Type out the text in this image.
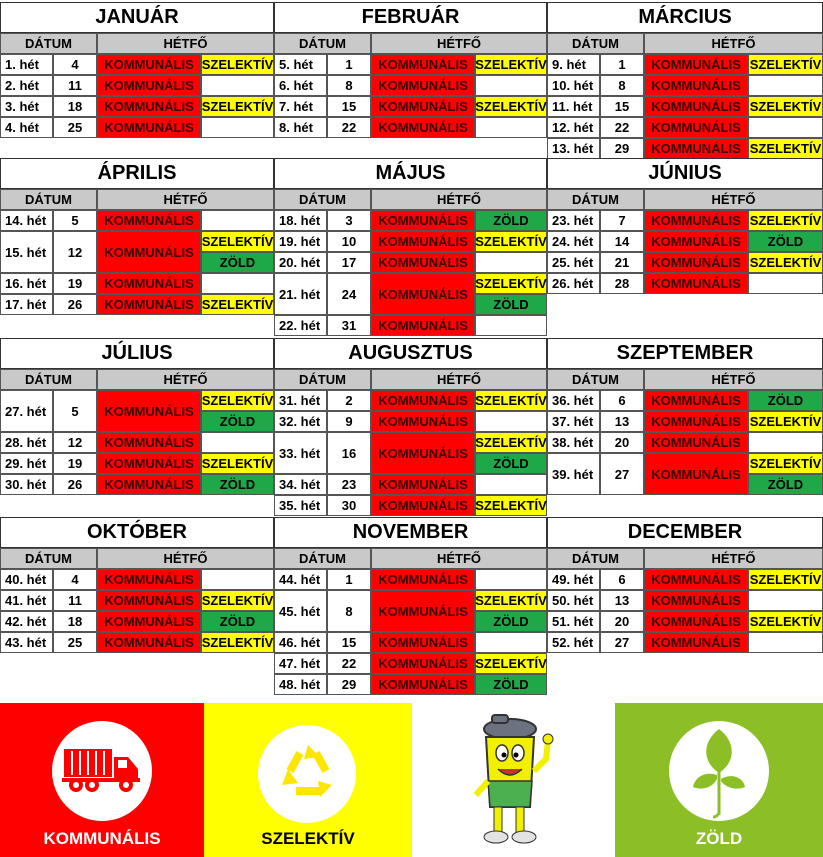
JANUÁR
DÁTUM	HÉTFŐ
1. hét	4	KOMMUNÁLIS SZELEKTÍV
2. hét	11	KOMMUNÁLIS
3. hét	18	KOMMUNÁLIS SZELEKTÍV
4. hét	25	KOMMUNÁLIS
FEBRUÁR
DÁTUM	HÉTFŐ
5. hét	1	KOMMUNÁLIS SZELEKTÍV
6. hét	8	KOMMUNÁLIS
7. hét	15	KOMMUNÁLIS SZELEKTÍV
8. hét	22	KOMMUNÁLIS
MÁRCIUS
DÁTUM	HÉTFŐ
9. hét	1	KOMMUNÁLIS SZELEKTÍV
10. hét	8	KOMMUNÁLIS
11. hét	15	KOMMUNÁLIS SZELEKTÍV
12. hét	22	KOMMUNÁLIS
13. hét	29	KOMMUNÁLIS SZELEKTÍV
ÁPRILIS
DÁTUM	HÉTFŐ
14. hét	5	KOMMUNÁLIS
15. hét	12	KOMMUNÁLIS
SZELEKTÍV
ZÖLD
16. hét	19	KOMMUNÁLIS
17. hét	26	KOMMUNÁLIS SZELEKTÍV
MÁJUS
DÁTUM	HÉTFŐ
18. hét	3	KOMMUNÁLIS	ZÖLD
19. hét	10	KOMMUNÁLIS SZELEKTÍV
20. hét	17	KOMMUNÁLIS
21. hét	24	KOMMUNÁLIS
SZELEKTÍV
ZÖLD
22. hét	31	KOMMUNÁLIS
JÚNIUS
DÁTUM	HÉTFŐ
23. hét	7	KOMMUNÁLIS SZELEKTÍV
24. hét	14	KOMMUNÁLIS	ZÖLD
25. hét	21	KOMMUNÁLIS SZELEKTÍV
26. hét	28	KOMMUNÁLIS
JÚLIUS
DÁTUM	HÉTFŐ
27. hét	5	KOMMUNÁLIS
SZELEKTÍV
ZÖLD
28. hét	12	KOMMUNÁLIS
29. hét	19	KOMMUNÁLIS SZELEKTÍV
30. hét	26	KOMMUNÁLIS	ZÖLD
AUGUSZTUS
DÁTUM	HÉTFŐ
31. hét	2	KOMMUNÁLIS SZELEKTÍV
32. hét	9	KOMMUNÁLIS
33. hét	16	KOMMUNÁLIS
SZELEKTÍV
ZÖLD
34. hét	23	KOMMUNÁLIS
35. hét	30	KOMMUNÁLIS SZELEKTÍV
SZEPTEMBER
DÁTUM	HÉTFŐ
36. hét	6	KOMMUNÁLIS	ZÖLD
37. hét	13	KOMMUNÁLIS SZELEKTÍV
38. hét	20	KOMMUNÁLIS
39. hét	27	KOMMUNÁLIS
SZELEKTÍV
ZÖLD
OKTÓBER
DÁTUM	HÉTFŐ
40. hét	4	KOMMUNÁLIS
41. hét	11	KOMMUNÁLIS SZELEKTÍV
42. hét	18	KOMMUNÁLIS	ZÖLD
43. hét	25	KOMMUNÁLIS SZELEKTÍV
NOVEMBER
DÁTUM	HÉTFŐ
44. hét	1	KOMMUNÁLIS
45. hét	8	KOMMUNÁLIS
SZELEKTÍV
ZÖLD
46. hét	15	KOMMUNÁLIS
47. hét	22	KOMMUNÁLIS SZELEKTÍV
48. hét	29	KOMMUNÁLIS	ZÖLD
DECEMBER
DÁTUM	HÉTFŐ
49. hét	6	KOMMUNÁLIS SZELEKTÍV
50. hét	13	KOMMUNÁLIS
51. hét	20	KOMMUNÁLIS SZELEKTÍV
52. hét	27	KOMMUNÁLIS
KOMMUNÁLIS	SZELEKTÍV	ZÖLD
